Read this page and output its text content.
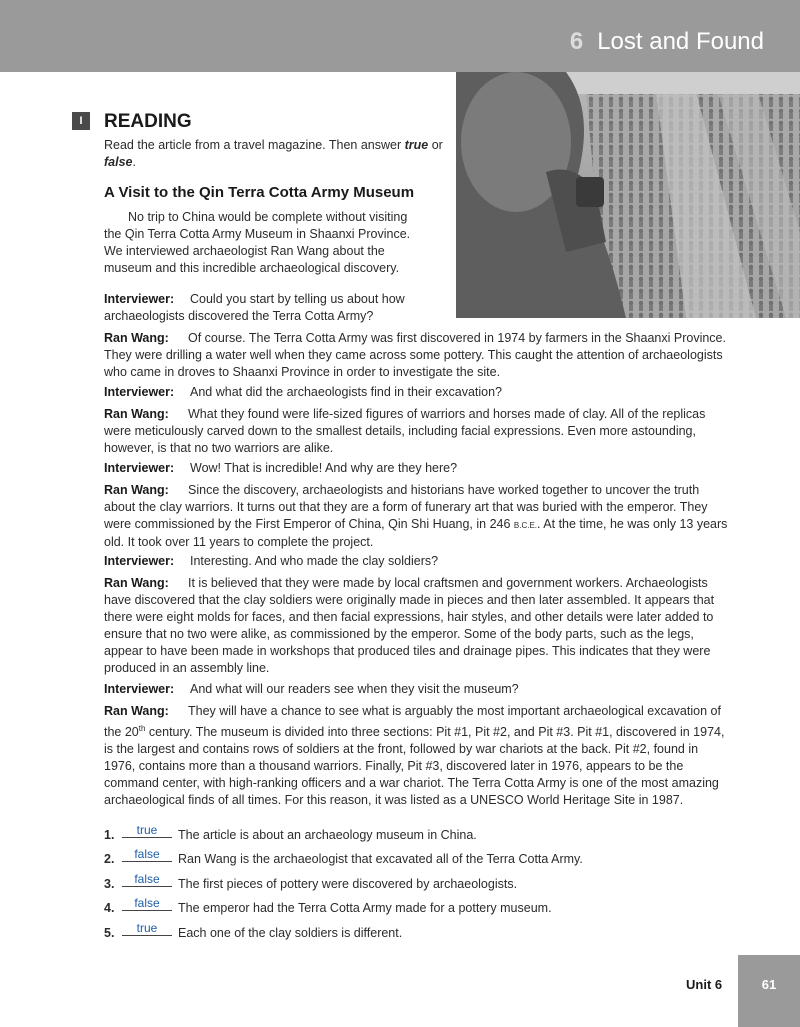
6 Lost and Found
I	READING
Read the article from a travel magazine. Then answer true or false.
A Visit to the Qin Terra Cotta Army Museum

No trip to China would be complete without visiting the Qin Terra Cotta Army Museum in Shaanxi Province. We interviewed archaeologist Ran Wang about the museum and this incredible archaeological discovery.

Interviewer: Could you start by telling us about how archaeologists discovered the Terra Cotta Army?

Ran Wang: Of course. The Terra Cotta Army was first discovered in 1974 by farmers in the Shaanxi Province. They were drilling a water well when they came across some pottery. This caught the attention of archaeologists who came in droves to Shaanxi Province in order to investigate the site.

Interviewer: And what did the archaeologists find in their excavation?

Ran Wang: What they found were life-sized figures of warriors and horses made of clay. All of the replicas were meticulously carved down to the smallest details, including facial expressions. Even more astounding, however, is that no two warriors are alike.

Interviewer: Wow! That is incredible! And why are they here?

Ran Wang: Since the discovery, archaeologists and historians have worked together to uncover the truth about the clay warriors. It turns out that they are a form of funerary art that was buried with the emperor. They were commissioned by the First Emperor of China, Qin Shi Huang, in 246 B.C.E.. At the time, he was only 13 years old. It took over 11 years to complete the project.

Interviewer: Interesting. And who made the clay soldiers?

Ran Wang: It is believed that they were made by local craftsmen and government workers. Archaeologists have discovered that the clay soldiers were originally made in pieces and then later assembled. It appears that there were eight molds for faces, and then facial expressions, hair styles, and other details were later added to ensure that no two were alike, as commissioned by the emperor. Some of the body parts, such as the legs, appear to have been made in workshops that produced tiles and drainage pipes. This indicates that they were produced in an assembly line.

Interviewer: And what will our readers see when they visit the museum?

Ran Wang: They will have a chance to see what is arguably the most important archaeological excavation of the 20th century. The museum is divided into three sections: Pit #1, Pit #2, and Pit #3. Pit #1, discovered in 1974, is the largest and contains rows of soldiers at the front, followed by war chariots at the back. Pit #2, found in 1976, contains more than a thousand warriors. Finally, Pit #3, discovered later in 1976, appears to be the command center, with high-ranking officers and a war chariot. The Terra Cotta Army is one of the most amazing archaeological finds of all times. For this reason, it was listed as a UNESCO World Heritage Site in 1987.

1. true The article is about an archaeology museum in China.
2. false Ran Wang is the archaeologist that excavated all of the Terra Cotta Army.
3. false The first pieces of pottery were discovered by archaeologists.
4. false The emperor had the Terra Cotta Army made for a pottery museum.
5. true Each one of the clay soldiers is different.
Unit 6	61
